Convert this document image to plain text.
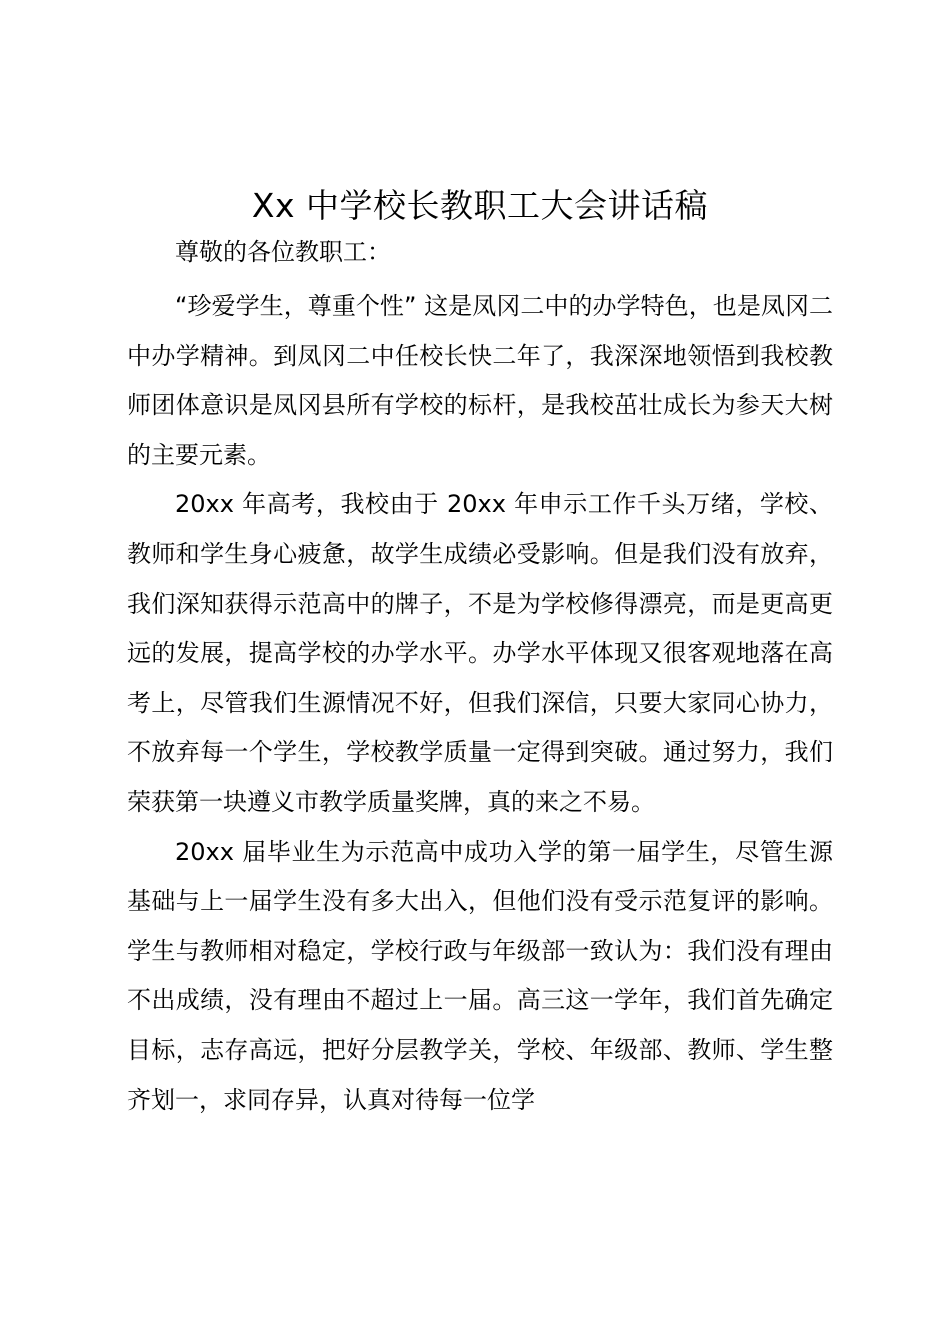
Xx 中学校长教职工大会讲话稿

尊敬的各位教职工：

“珍爱学生，尊重个性” 这是凤冈二中的办学特色，也是凤冈二中办学精神。到凤冈二中任校长快二年了，我深深地领悟到我校教师团体意识是凤冈县所有学校的标杆，是我校茁壮成长为参天大树的主要元素。

20xx 年高考，我校由于 20xx 年申示工作千头万绪，学校、教师和学生身心疲惫，故学生成绩必受影响。但是我们没有放弃，我们深知获得示范高中的牌子，不是为学校修得漂亮，而是更高更远的发展，提高学校的办学水平。办学水平体现又很客观地落在高考上，尽管我们生源情况不好，但我们深信，只要大家同心协力，不放弃每一个学生，学校教学质量一定得到突破。通过努力，我们荣获第一块遵义市教学质量奖牌，真的来之不易。

20xx 届毕业生为示范高中成功入学的第一届学生，尽管生源基础与上一届学生没有多大出入，但他们没有受示范复评的影响。学生与教师相对稳定，学校行政与年级部一致认为：我们没有理由不出成绩，没有理由不超过上一届。高三这一学年，我们首先确定目标，志存高远，把好分层教学关，学校、年级部、教师、学生整齐划一，求同存异，认真对待每一位学
